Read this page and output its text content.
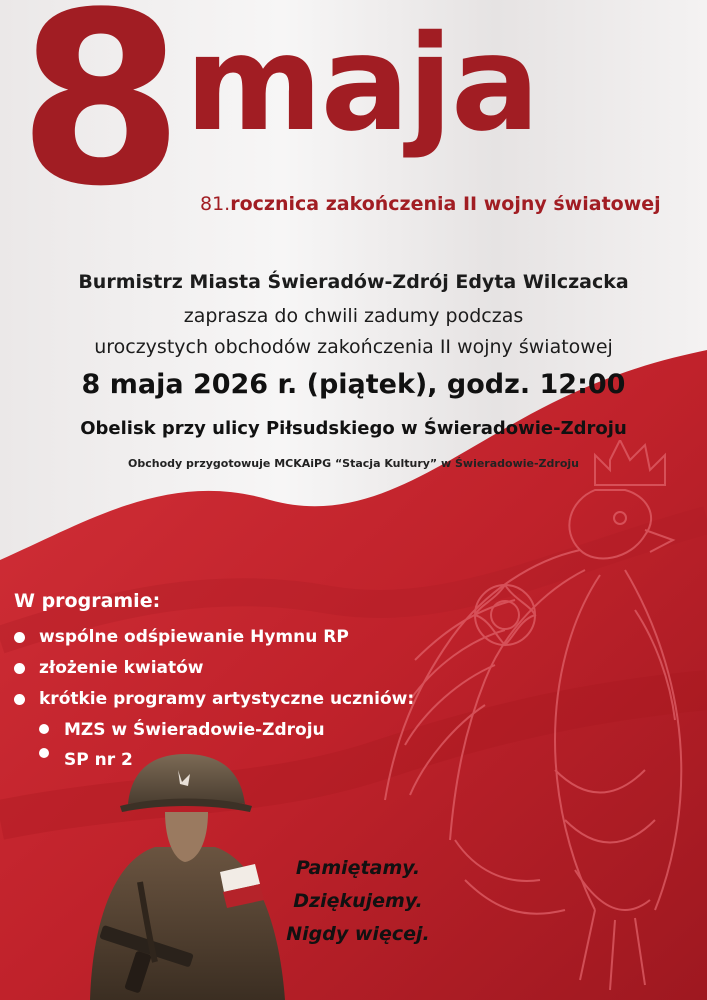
8 maja
81.rocznica zakończenia II wojny światowej
Burmistrz Miasta Świeradów-Zdrój Edyta Wilczacka
zaprasza do chwili zadumy podczas
uroczystych obchodów zakończenia II wojny światowej
8 maja 2026 r. (piątek), godz. 12:00
Obelisk przy ulicy Piłsudskiego w Świeradowie-Zdroju
Obchody przygotowuje MCKAiPG “Stacja Kultury” w Świeradowie-Zdroju
W programie:
wspólne odśpiewanie Hymnu RP
złożenie kwiatów
krótkie programy artystyczne uczniów:
MZS w Świeradowie-Zdroju
SP nr 2
Pamiętamy.
Dziękujemy.
Nigdy więcej.
